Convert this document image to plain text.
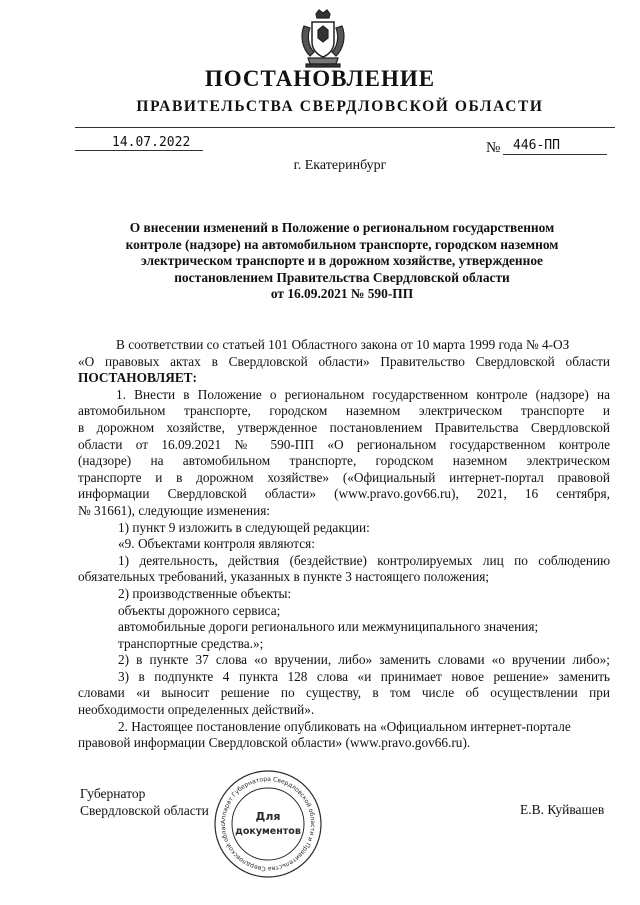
ПОСТАНОВЛЕНИЕ
ПРАВИТЕЛЬСТВА СВЕРДЛОВСКОЙ ОБЛАСТИ
14.07.2022	№ 446-ПП
г. Екатеринбург
О внесении изменений в Положение о региональном государственном
контроле (надзоре) на автомобильном транспорте, городском наземном
электрическом транспорте и в дорожном хозяйстве, утвержденное
постановлением Правительства Свердловской области
от 16.09.2021 № 590-ПП
В соответствии со статьей 101 Областного закона от 10 марта 1999 года № 4-ОЗ
«О правовых актах в Свердловской области» Правительство Свердловской области
ПОСТАНОВЛЯЕТ:
1. Внести в Положение о региональном государственном контроле (надзоре) на
автомобильном транспорте, городском наземном электрическом транспорте и
в дорожном хозяйстве, утвержденное постановлением Правительства Свердловской
области от 16.09.2021 № 590-ПП «О региональном государственном контроле
(надзоре) на автомобильном транспорте, городском наземном электрическом
транспорте и в дорожном хозяйстве» («Официальный интернет-портал правовой
информации Свердловской области» (www.pravo.gov66.ru), 2021, 16 сентября,
№ 31661), следующие изменения:
1) пункт 9 изложить в следующей редакции:
«9. Объектами контроля являются:
1) деятельность, действия (бездействие) контролируемых лиц по соблюдению
обязательных требований, указанных в пункте 3 настоящего положения;
2) производственные объекты:
объекты дорожного сервиса;
автомобильные дороги регионального или межмуниципального значения;
транспортные средства.»;
2) в пункте 37 слова «о вручении, либо» заменить словами «о вручении либо»;
3) в подпункте 4 пункта 128 слова «и принимает новое решение» заменить
словами «и выносит решение по существу, в том числе об осуществлении при
необходимости определенных действий».
2. Настоящее постановление опубликовать на «Официальном интернет-портале
правовой информации Свердловской области» (www.pravo.gov66.ru).
Губернатор
Свердловской области	Е.В. Куйвашев
Аппарат Губернатора Свердловской области и Правительства Свердловской облас
Для
документов
